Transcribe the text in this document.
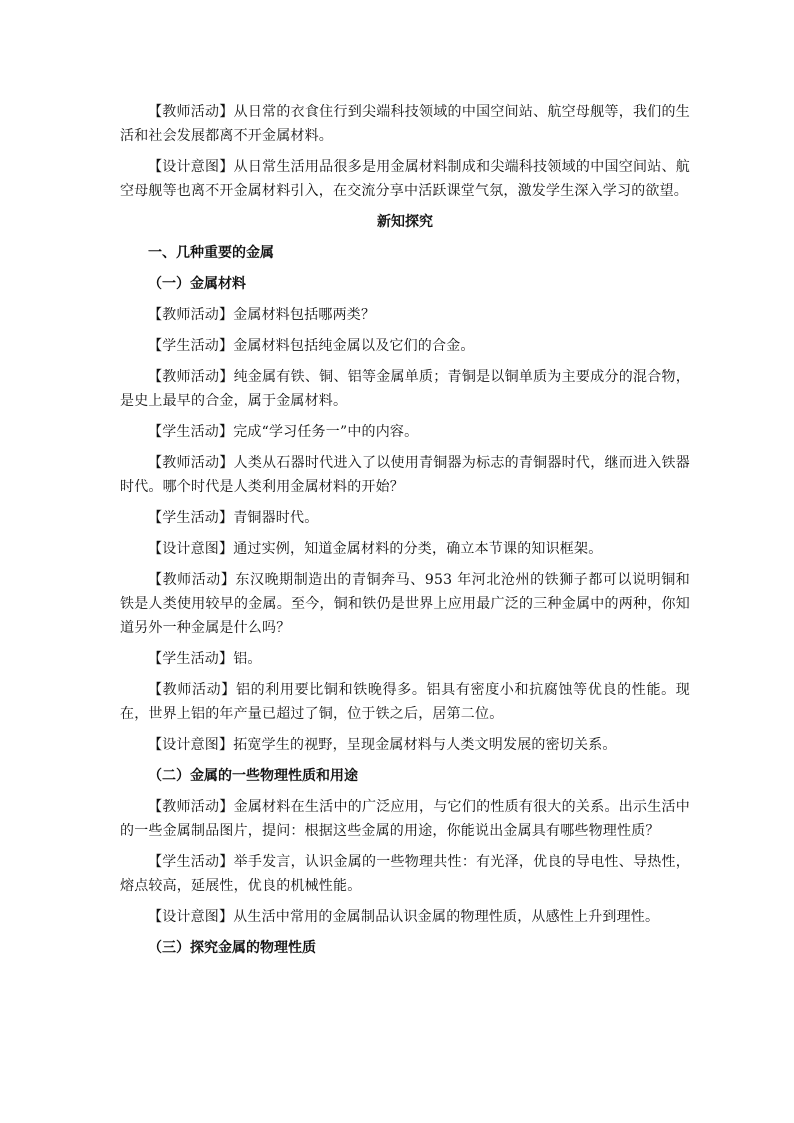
【教师活动】从日常的衣食住行到尖端科技领域的中国空间站、航空母舰等，我们的生活和社会发展都离不开金属材料。

【设计意图】从日常生活用品很多是用金属材料制成和尖端科技领域的中国空间站、航空母舰等也离不开金属材料引入，在交流分享中活跃课堂气氛，激发学生深入学习的欲望。

新知探究

一、几种重要的金属

（一）金属材料

【教师活动】金属材料包括哪两类？

【学生活动】金属材料包括纯金属以及它们的合金。

【教师活动】纯金属有铁、铜、铝等金属单质；青铜是以铜单质为主要成分的混合物，是史上最早的合金，属于金属材料。

【学生活动】完成“学习任务一”中的内容。

【教师活动】人类从石器时代进入了以使用青铜器为标志的青铜器时代，继而进入铁器时代。哪个时代是人类利用金属材料的开始？

【学生活动】青铜器时代。

【设计意图】通过实例，知道金属材料的分类，确立本节课的知识框架。

【教师活动】东汉晚期制造出的青铜奔马、953 年河北沧州的铁狮子都可以说明铜和铁是人类使用较早的金属。至今，铜和铁仍是世界上应用最广泛的三种金属中的两种，你知道另外一种金属是什么吗？

【学生活动】铝。

【教师活动】铝的利用要比铜和铁晚得多。铝具有密度小和抗腐蚀等优良的性能。现在，世界上铝的年产量已超过了铜，位于铁之后，居第二位。

【设计意图】拓宽学生的视野，呈现金属材料与人类文明发展的密切关系。

（二）金属的一些物理性质和用途

【教师活动】金属材料在生活中的广泛应用，与它们的性质有很大的关系。出示生活中的一些金属制品图片，提问：根据这些金属的用途，你能说出金属具有哪些物理性质？

【学生活动】举手发言，认识金属的一些物理共性：有光泽，优良的导电性、导热性，熔点较高，延展性，优良的机械性能。

【设计意图】从生活中常用的金属制品认识金属的物理性质，从感性上升到理性。

（三）探究金属的物理性质
